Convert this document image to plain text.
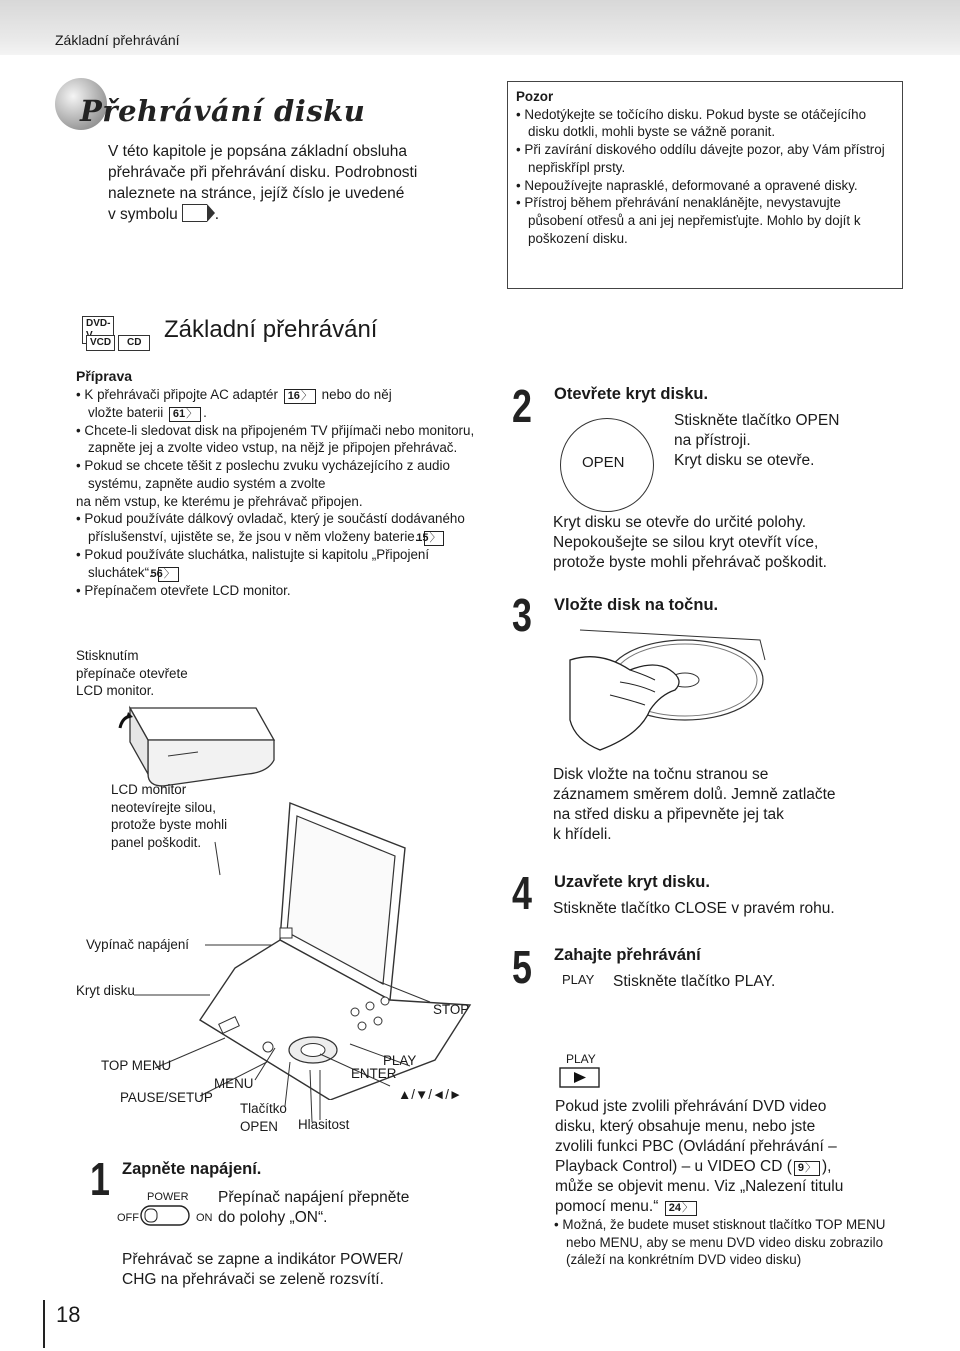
Základní přehrávání
Přehrávání disku
V této kapitole je popsána základní obsluha
přehrávače při přehrávání disku. Podrobnosti
naleznete na stránce, jejíž číslo je uvedené
v symbolu .
Pozor
• Nedotýkejte se točícího disku. Pokud byste se otáčejícího disku dotkli, mohli byste se vážně poranit.
• Při zavírání diskového oddílu dávejte pozor, aby Vám přístroj nepřiskřípl prsty.
• Nepoužívejte naprasklé, deformované a opravené disky.
• Přístroj během přehrávání nenaklánějte, nevystavujte působení otřesů a ani jej nepřemisťujte. Mohlo by dojít k poškození disku.
DVD-
VCD	CD Základní přehrávání
Příprava
• K přehrávači připojte AC adaptér 16 〉 nebo do něj
vložte baterii 61 〉 .
• Chcete-li sledovat disk na připojeném TV přijímači nebo monitoru, zapněte jej a zvolte video vstup, na nějž je připojen přehrávač.
• Pokud se chcete těšit z poslechu zvuku vycházejícího z audio systému, zapněte audio systém a zvolte
na něm vstup, ke kterému je přehrávač připojen.
• Pokud používáte dálkový ovladač, který je součástí dodávaného příslušenství, ujistěte se, že jsou v něm vloženy baterie. 15 〉
• Pokud používáte sluchátka, nalistujte si kapitolu „Připojení sluchátek“. 56 〉
• Přepínačem otevřete LCD monitor.
Stisknutím
přepínače otevřete
LCD monitor.
LCD monitor
neotevírejte silou,
protože byste mohli
panel poškodit.
Vypínač napájení
Kryt disku
STOP
TOP MENU	PLAY
ENTER
MENU
▲/▼/◄/►
PAUSE/SETUP
Tlačítko
OPEN	Hlasitost
1 Zapněte napájení.
POWER
OFF	ON
Přepínač napájení přepněte
do polohy „ON“.
Přehrávač se zapne a indikátor POWER/
CHG na přehrávači se zeleně rozsvítí.
2 Otevřete kryt disku.
OPEN
Stiskněte tlačítko OPEN
na přístroji.
Kryt disku se otevře.
Kryt disku se otevře do určité polohy.
Nepokoušejte se silou kryt otevřít více,
protože byste mohli přehrávač poškodit.
3 Vložte disk na točnu.
Disk vložte na točnu stranou se
záznamem směrem dolů. Jemně zatlačte
na střed disku a připevněte jej tak
k hřídeli.
4 Uzavřete kryt disku.
Stiskněte tlačítko CLOSE v pravém rohu.
5 Zahajte přehrávání
PLAY Stiskněte tlačítko PLAY.
PLAY
Pokud jste zvolili přehrávání DVD video
disku, který obsahuje menu, nebo jste
zvolili funkci PBC (Ovládání přehrávání –
Playback Control) – u VIDEO CD ( 9 〉 ),
může se objevit menu. Viz „Nalezení titulu
pomocí menu.“ 24 〉
• Možná, že budete muset stisknout tlačítko TOP MENU nebo MENU, aby se menu DVD video disku zobrazilo (záleží na konkrétním DVD video disku)
18
